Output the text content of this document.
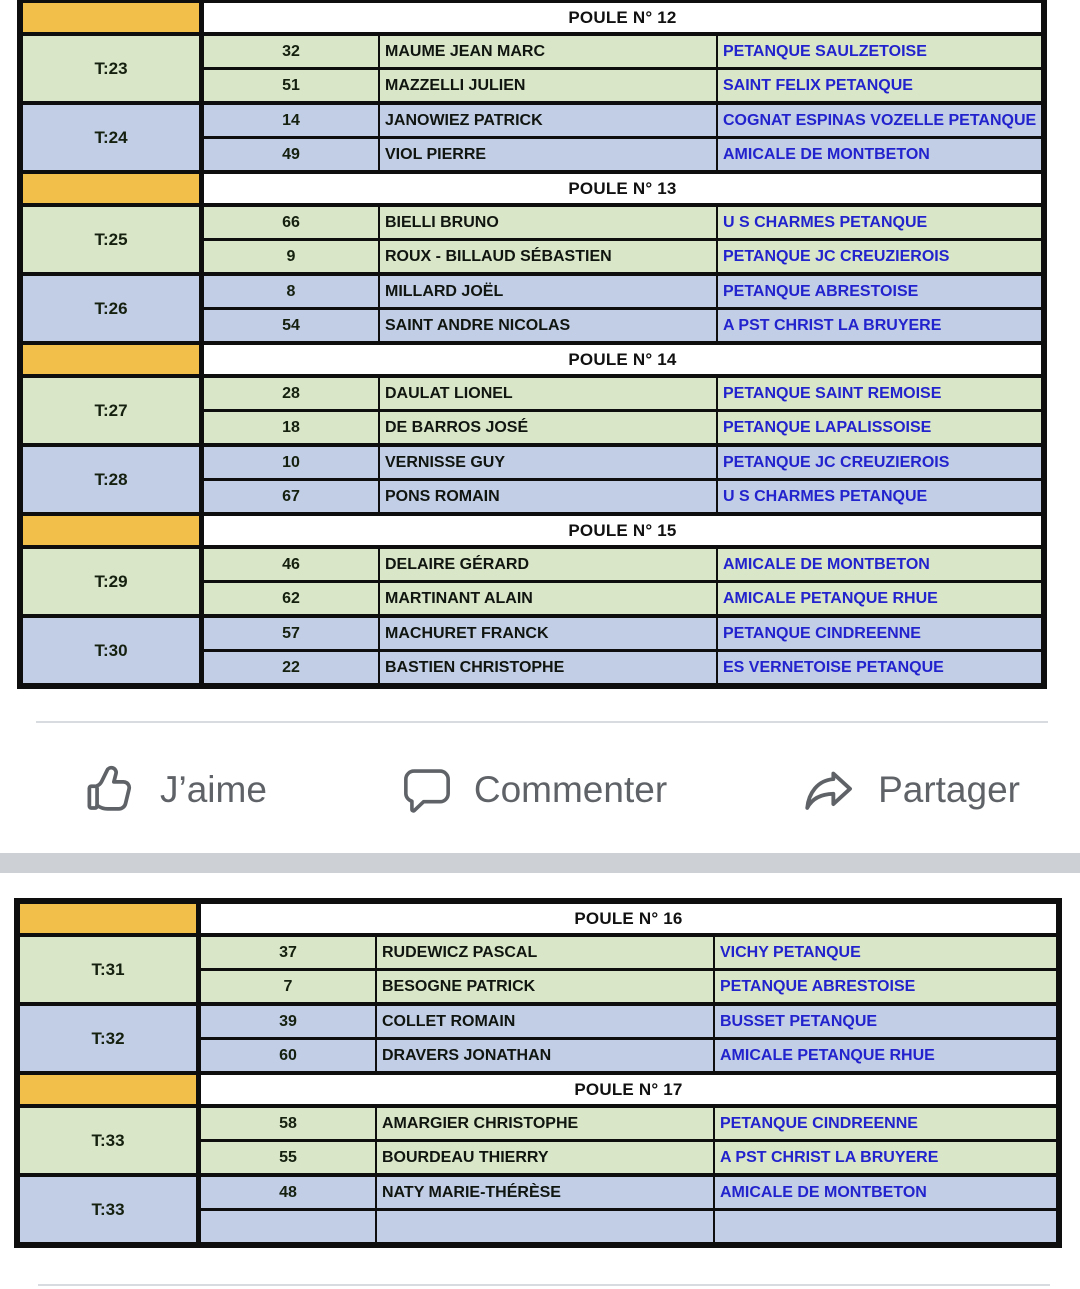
POULE N° 12
T:23
32	MAUME JEAN MARC	PETANQUE SAULZETOISE
51	MAZZELLI JULIEN	SAINT FELIX PETANQUE
T:24
14	JANOWIEZ PATRICK	COGNAT ESPINAS VOZELLE PETANQUE
49	VIOL PIERRE	AMICALE DE MONTBETON
POULE N° 13
T:25
66	BIELLI BRUNO	U S CHARMES PETANQUE
9	ROUX - BILLAUD SÉBASTIEN	PETANQUE JC CREUZIEROIS
T:26
8	MILLARD JOËL	PETANQUE ABRESTOISE
54	SAINT ANDRE NICOLAS	A PST CHRIST LA BRUYERE
POULE N° 14
T:27
28	DAULAT LIONEL	PETANQUE SAINT REMOISE
18	DE BARROS JOSÉ	PETANQUE LAPALISSOISE
T:28
10	VERNISSE GUY	PETANQUE JC CREUZIEROIS
67	PONS ROMAIN	U S CHARMES PETANQUE
POULE N° 15
T:29
46	DELAIRE GÉRARD	AMICALE DE MONTBETON
62	MARTINANT ALAIN	AMICALE PETANQUE RHUE
T:30
57	MACHURET FRANCK	PETANQUE CINDREENNE
22	BASTIEN CHRISTOPHE	ES VERNETOISE PETANQUE
J’aime	Commenter	Partager
POULE N° 16
T:31
37	RUDEWICZ PASCAL	VICHY PETANQUE
7	BESOGNE PATRICK	PETANQUE ABRESTOISE
T:32
39	COLLET ROMAIN	BUSSET PETANQUE
60	DRAVERS JONATHAN	AMICALE PETANQUE RHUE
POULE N° 17
T:33
58	AMARGIER CHRISTOPHE	PETANQUE CINDREENNE
55	BOURDEAU THIERRY	A PST CHRIST LA BRUYERE
T:33
48	NATY MARIE-THÉRÈSE	AMICALE DE MONTBETON
